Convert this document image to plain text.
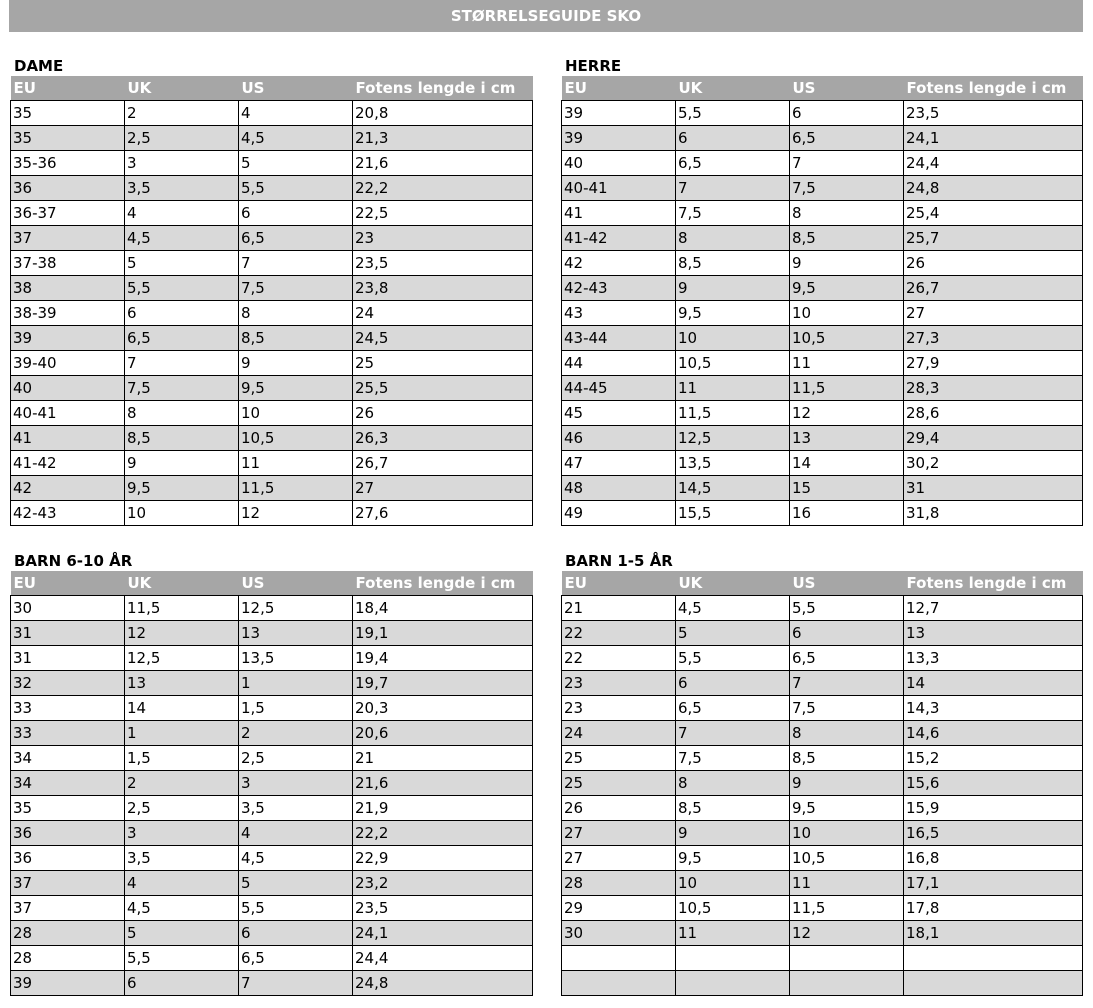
STØRRELSEGUIDE SKO
DAME
EU	UK	US	Fotens lengde i cm
35	2	4	20,8
35	2,5	4,5	21,3
35-36	3	5	21,6
36	3,5	5,5	22,2
36-37	4	6	22,5
37	4,5	6,5	23
37-38	5	7	23,5
38	5,5	7,5	23,8
38-39	6	8	24
39	6,5	8,5	24,5
39-40	7	9	25
40	7,5	9,5	25,5
40-41	8	10	26
41	8,5	10,5	26,3
41-42	9	11	26,7
42	9,5	11,5	27
42-43	10	12	27,6
HERRE
EU	UK	US	Fotens lengde i cm
39	5,5	6	23,5
39	6	6,5	24,1
40	6,5	7	24,4
40-41	7	7,5	24,8
41	7,5	8	25,4
41-42	8	8,5	25,7
42	8,5	9	26
42-43	9	9,5	26,7
43	9,5	10	27
43-44	10	10,5	27,3
44	10,5	11	27,9
44-45	11	11,5	28,3
45	11,5	12	28,6
46	12,5	13	29,4
47	13,5	14	30,2
48	14,5	15	31
49	15,5	16	31,8
BARN 6-10 ÅR
EU	UK	US	Fotens lengde i cm
30	11,5	12,5	18,4
31	12	13	19,1
31	12,5	13,5	19,4
32	13	1	19,7
33	14	1,5	20,3
33	1	2	20,6
34	1,5	2,5	21
34	2	3	21,6
35	2,5	3,5	21,9
36	3	4	22,2
36	3,5	4,5	22,9
37	4	5	23,2
37	4,5	5,5	23,5
28	5	6	24,1
28	5,5	6,5	24,4
39	6	7	24,8
BARN 1-5 ÅR
EU	UK	US	Fotens lengde i cm
21	4,5	5,5	12,7
22	5	6	13
22	5,5	6,5	13,3
23	6	7	14
23	6,5	7,5	14,3
24	7	8	14,6
25	7,5	8,5	15,2
25	8	9	15,6
26	8,5	9,5	15,9
27	9	10	16,5
27	9,5	10,5	16,8
28	10	11	17,1
29	10,5	11,5	17,8
30	11	12	18,1
